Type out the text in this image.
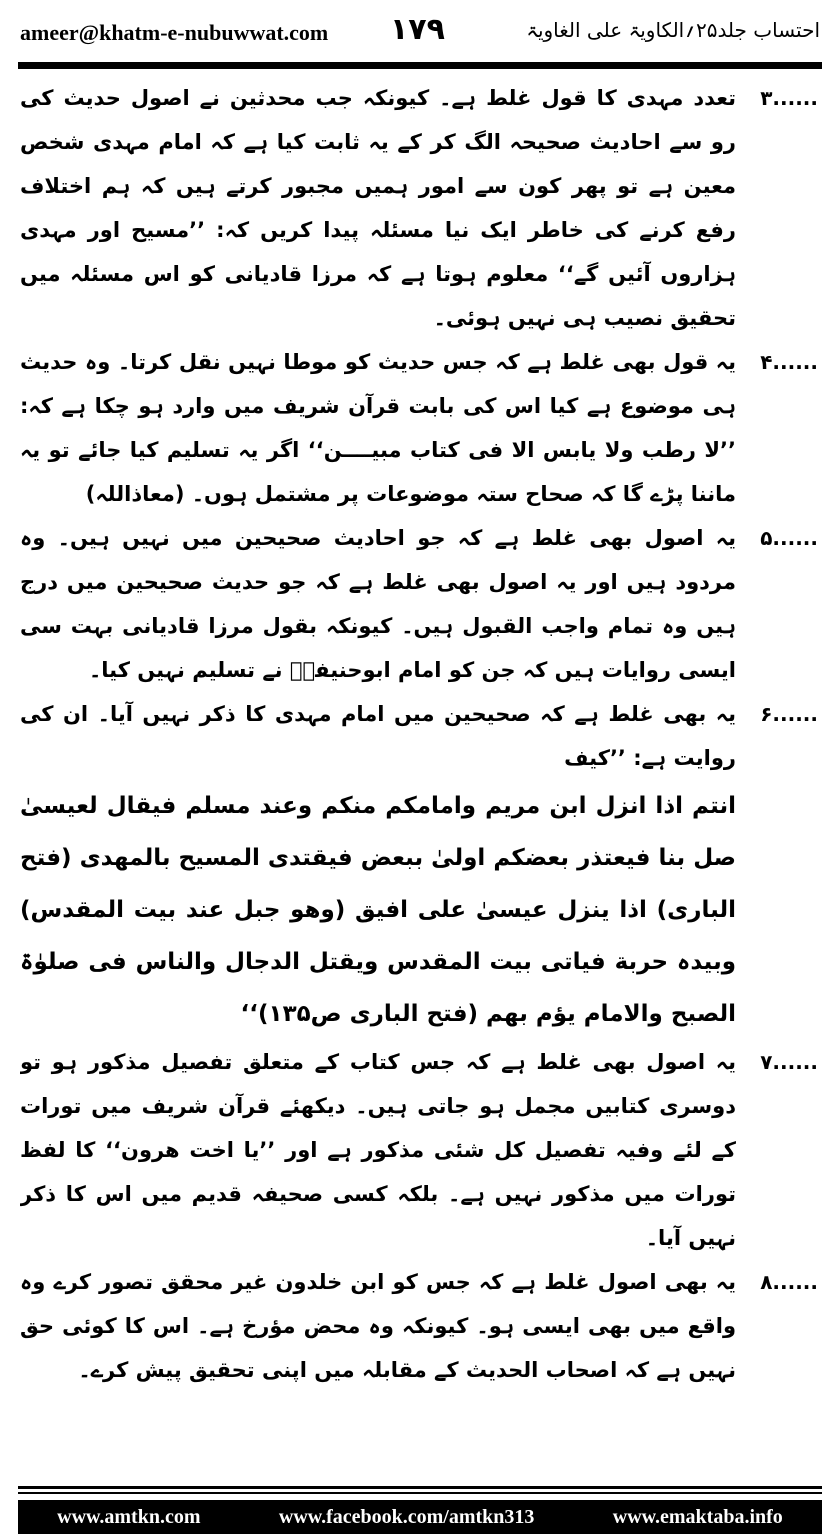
ameer@khatm-e-nubuwwat.com ۱۷۹	احتساب جلد۲۵؍الکاویۃ علی الغاویۃ
۳......
تعدد مہدی کا قول غلط ہے۔ کیونکہ جب محدثین نے اصول حدیث کی رو سے احادیث صحیحہ الگ کر کے یہ ثابت کیا ہے کہ امام مہدی شخص معین ہے تو پھر کون سے امور ہمیں مجبور کرتے ہیں کہ ہم اختلاف رفع کرنے کی خاطر ایک نیا مسئلہ پیدا کریں کہ: ’’مسیح اور مہدی ہزاروں آئیں گے‘‘ معلوم ہوتا ہے کہ مرزا قادیانی کو اس مسئلہ میں تحقیق نصیب ہی نہیں ہوئی۔
۴......
یہ قول بھی غلط ہے کہ جس حدیث کو موطا نہیں نقل کرتا۔ وہ حدیث ہی موضوع ہے کیا اس کی بابت قرآن شریف میں وارد ہو چکا ہے کہ: ’’لا رطب ولا یابس الا فی کتاب مبیــــن‘‘ اگر یہ تسلیم کیا جائے تو یہ ماننا پڑے گا کہ صحاح ستہ موضوعات پر مشتمل ہوں۔ (معاذاللہ)
۵......
یہ اصول بھی غلط ہے کہ جو احادیث صحیحین میں نہیں ہیں۔ وہ مردود ہیں اور یہ اصول بھی غلط ہے کہ جو حدیث صحیحین میں درج ہیں وہ تمام واجب القبول ہیں۔ کیونکہ بقول مرزا قادیانی بہت سی ایسی روایات ہیں کہ جن کو امام ابوحنیفہؒ نے تسلیم نہیں کیا۔
۶......
یہ بھی غلط ہے کہ صحیحین میں امام مہدی کا ذکر نہیں آیا۔ ان کی روایت ہے: ’’کیف
انتم اذا انزل ابن مریم وامامکم منکم وعند مسلم فیقال لعیسیٰ صل بنا فیعتذر بعضکم اولیٰ ببعض فیقتدی المسیح بالمهدی (فتح الباری) اذا ینزل عیسیٰ علی افیق (وھو جبل عند بیت المقدس) وبیدہ حربة فیاتی بیت المقدس ویقتل الدجال والناس فی صلوٰۃ الصبح والامام یؤم بھم (فتح الباری ص۱۳۵)‘‘
۷......
یہ اصول بھی غلط ہے کہ جس کتاب کے متعلق تفصیل مذکور ہو تو دوسری کتابیں مجمل ہو جاتی ہیں۔ دیکھئے قرآن شریف میں تورات کے لئے وفیہ تفصیل کل شئی مذکور ہے اور ’’یا اخت ھرون‘‘ کا لفظ تورات میں مذکور نہیں ہے۔ بلکہ کسی صحیفہ قدیم میں اس کا ذکر نہیں آیا۔
۸......
یہ بھی اصول غلط ہے کہ جس کو ابن خلدون غیر محقق تصور کرے وہ واقع میں بھی ایسی ہو۔ کیونکہ وہ محض مؤرخ ہے۔ اس کا کوئی حق نہیں ہے کہ اصحاب الحدیث کے مقابلہ میں اپنی تحقیق پیش کرے۔
www.amtkn.com	www.facebook.com/amtkn313	www.emaktaba.info
